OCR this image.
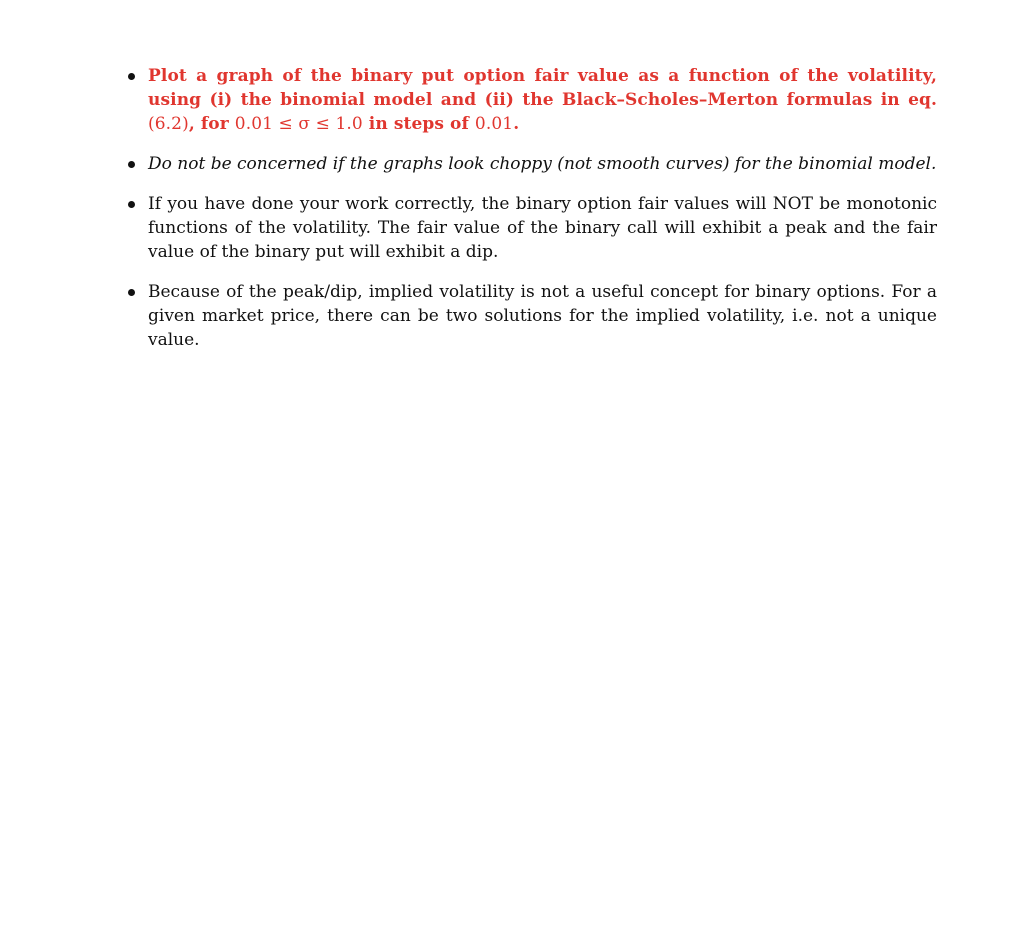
Plot a graph of the binary put option fair value as a function of the volatility, using (i) the binomial model and (ii) the Black–Scholes–Merton formulas in eq. (6.2), for 0.01 ≤ σ ≤ 1.0 in steps of 0.01.
Do not be concerned if the graphs look choppy (not smooth curves) for the binomial model.
If you have done your work correctly, the binary option fair values will NOT be monotonic functions of the volatility. The fair value of the binary call will exhibit a peak and the fair value of the binary put will exhibit a dip.
Because of the peak/dip, implied volatility is not a useful concept for binary options. For a given market price, there can be two solutions for the implied volatility, i.e. not a unique value.
